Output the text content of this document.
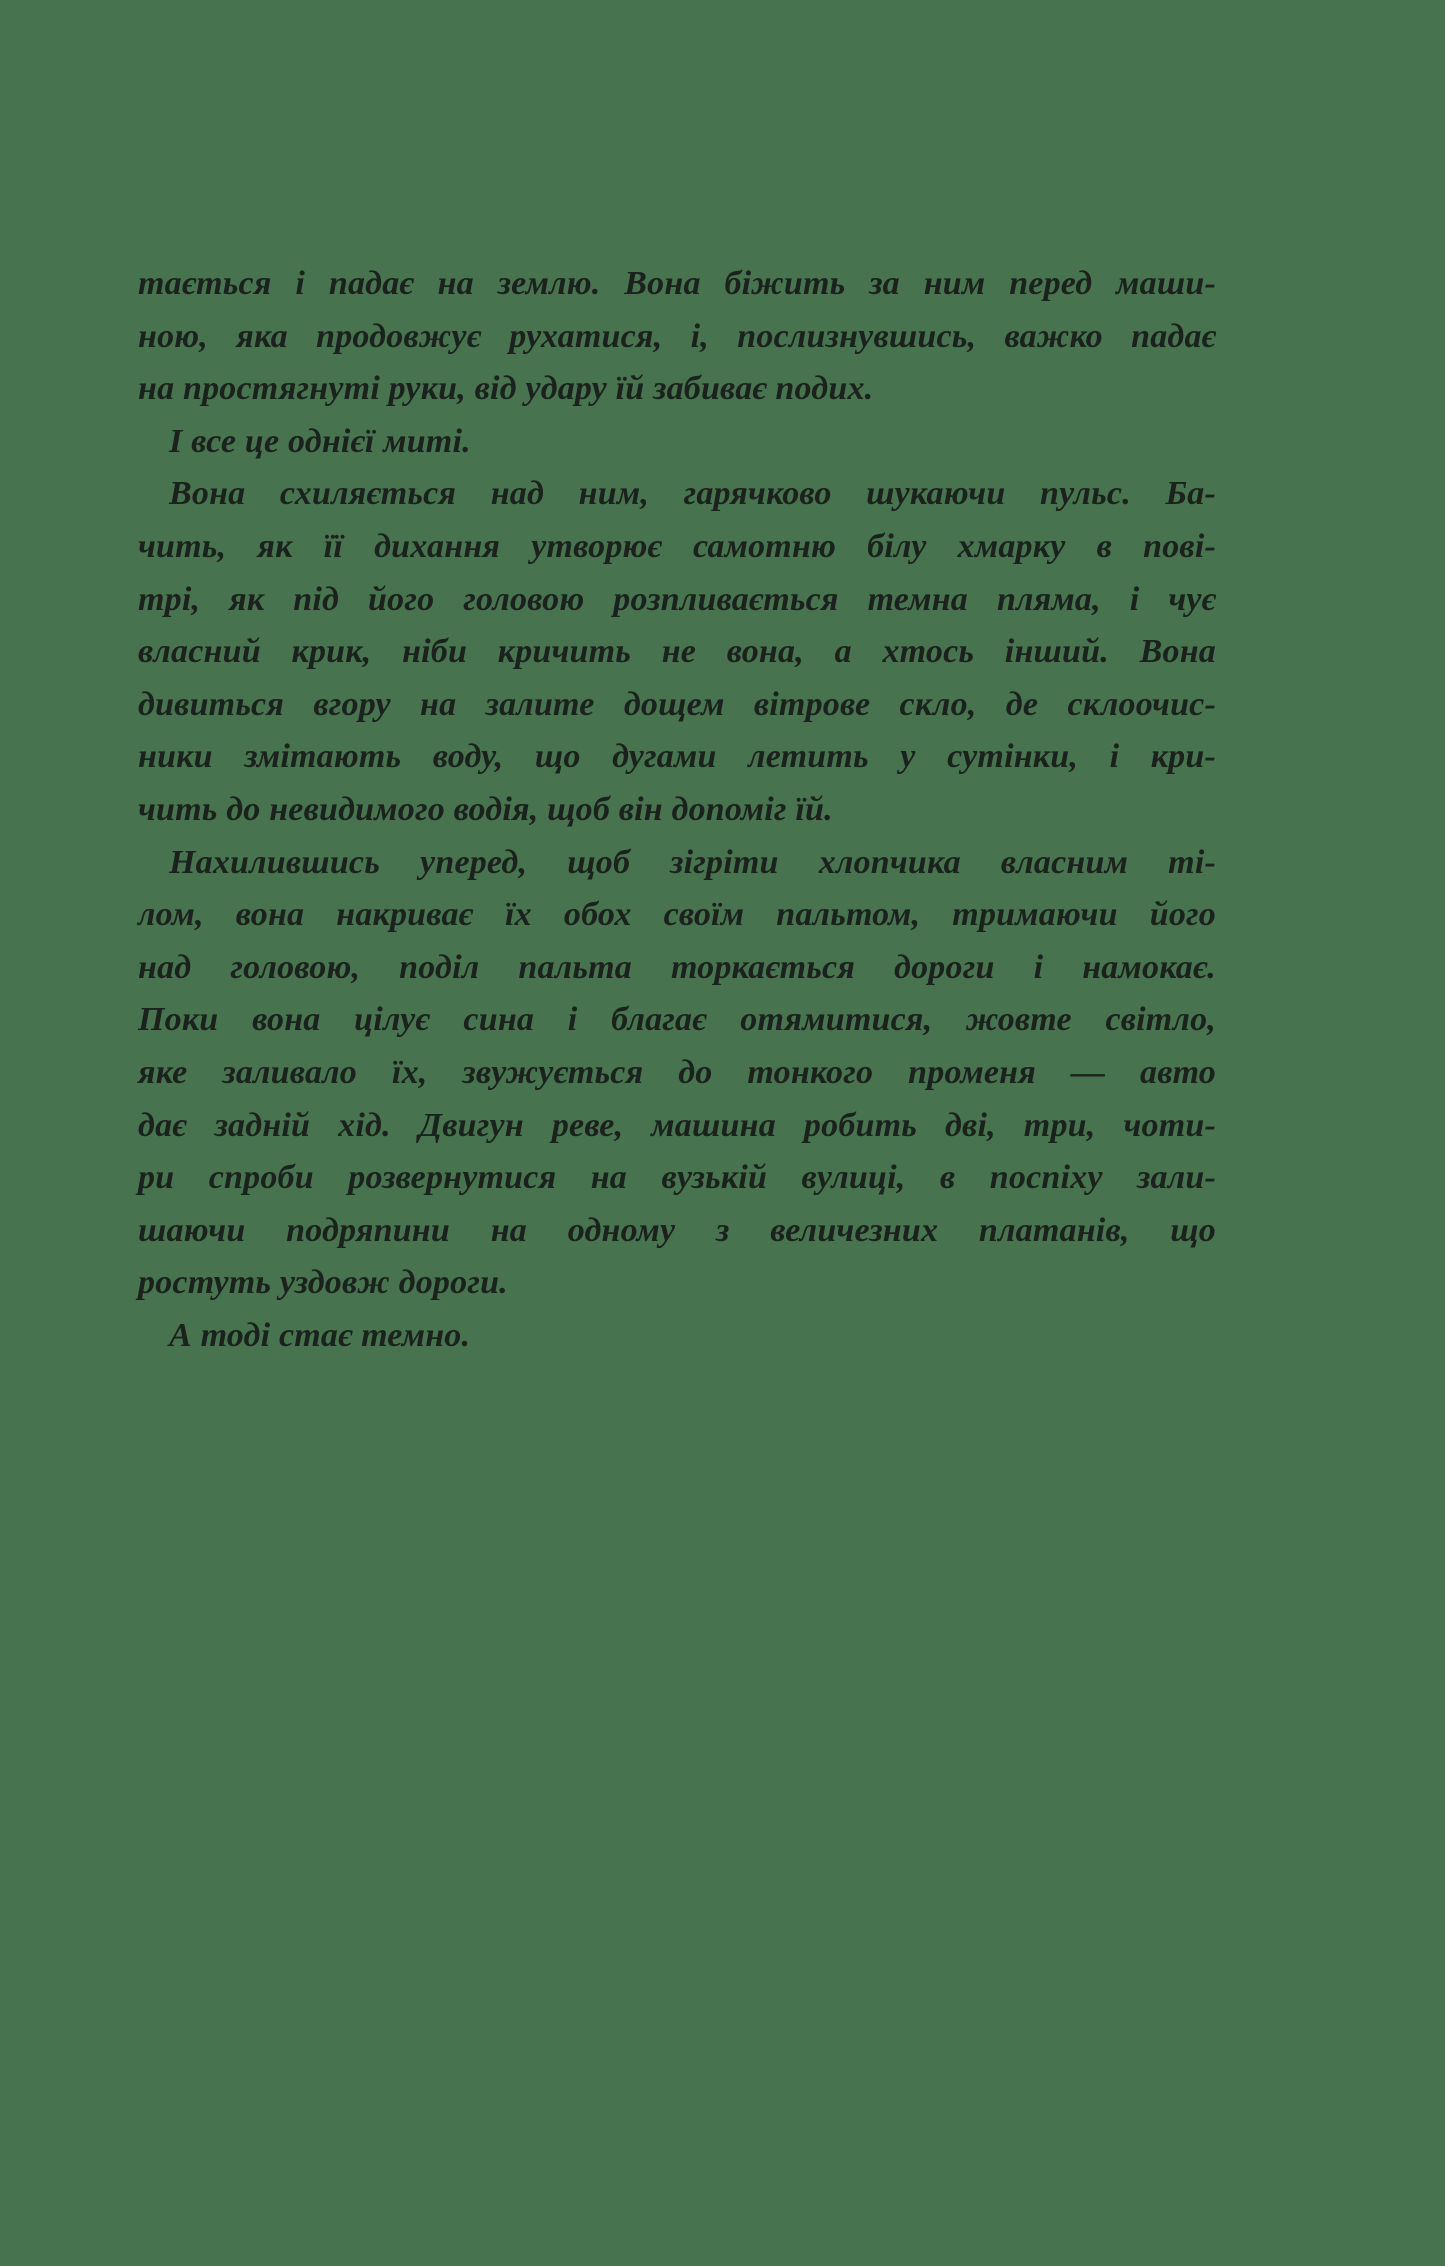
тається і падає на землю. Вона біжить за ним перед маши-
ною, яка продовжує рухатися, і, послизнувшись, важко падає
на простягнуті руки, від удару їй забиває подих.
І все це однієї миті.
Вона схиляється над ним, гарячково шукаючи пульс. Ба-
чить, як її дихання утворює самотню білу хмарку в пові-
трі, як під його головою розпливається темна пляма, і чує
власний крик, ніби кричить не вона, а хтось інший. Вона
дивиться вгору на залите дощем вітрове скло, де склоочис-
ники змітають воду, що дугами летить у сутінки, і кри-
чить до невидимого водія, щоб він допоміг їй.
Нахилившись уперед, щоб зігріти хлопчика власним ті-
лом, вона накриває їх обох своїм пальтом, тримаючи його
над головою, поділ пальта торкається дороги і намокає.
Поки вона цілує сина і благає отямитися, жовте світло,
яке заливало їх, звужується до тонкого променя — авто
дає задній хід. Двигун реве, машина робить дві, три, чоти-
ри спроби розвернутися на вузькій вулиці, в поспіху зали-
шаючи подряпини на одному з величезних платанів, що
ростуть уздовж дороги.
А тоді стає темно.
